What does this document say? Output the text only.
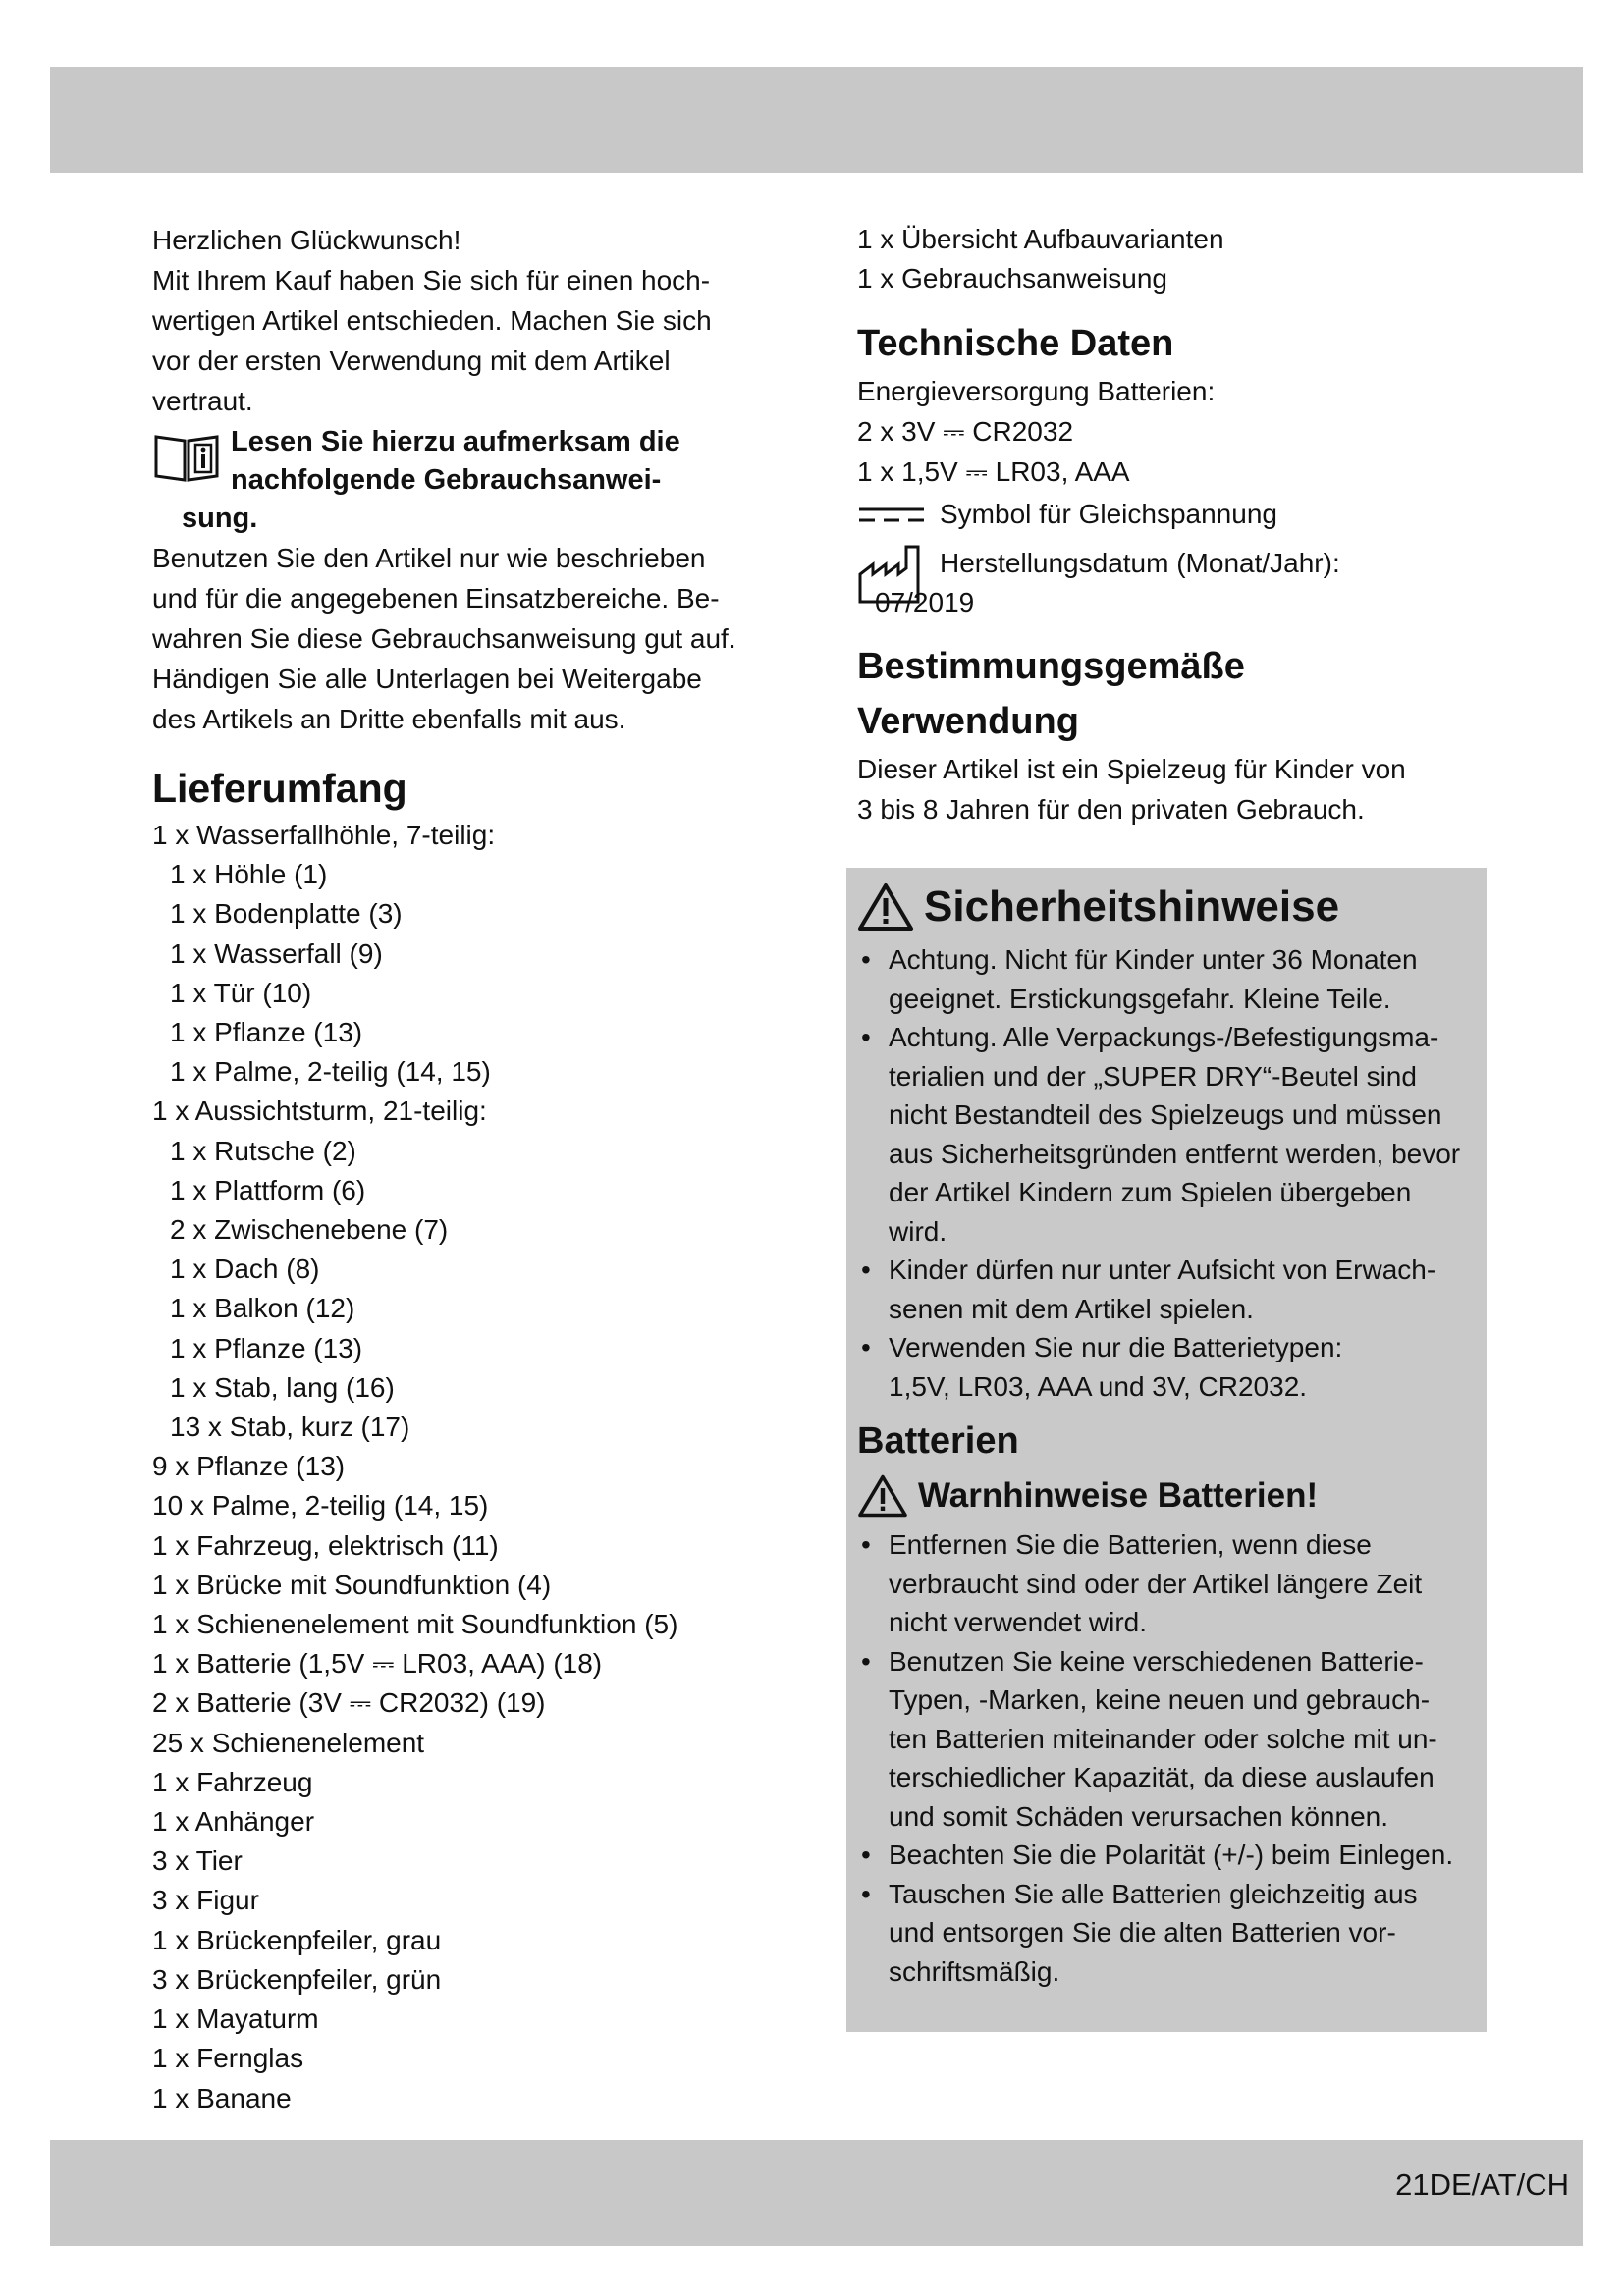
Herzlichen Glückwunsch!

Mit Ihrem Kauf haben Sie sich für einen hoch-

wertigen Artikel entschieden. Machen Sie sich

vor der ersten Verwendung mit dem Artikel

vertraut.

Lesen Sie hierzu aufmerksam die
nachfolgende Gebrauchsanwei-
sung.

Benutzen Sie den Artikel nur wie beschrieben

und für die angegebenen Einsatzbereiche. Be-

wahren Sie diese Gebrauchsanweisung gut auf.

Händigen Sie alle Unterlagen bei Weitergabe

des Artikels an Dritte ebenfalls mit aus.

Lieferumfang
1 x Wasserfallhöhle, 7-teilig:
1 x Höhle (1)
1 x Bodenplatte (3)
1 x Wasserfall (9)
1 x Tür (10)
1 x Pflanze (13)
1 x Palme, 2-teilig (14, 15)
1 x Aussichtsturm, 21-teilig:
1 x Rutsche (2)
1 x Plattform (6)
2 x Zwischenebene (7)
1 x Dach (8)
1 x Balkon (12)
1 x Pflanze (13)
1 x Stab, lang (16)
13 x Stab, kurz (17)
9 x Pflanze (13)
10 x Palme, 2-teilig (14, 15)
1 x Fahrzeug, elektrisch (11)
1 x Brücke mit Soundfunktion (4)
1 x Schienenelement mit Soundfunktion (5)
1 x Batterie (1,5V ⎓ LR03, AAA) (18)
2 x Batterie (3V ⎓ CR2032) (19)
25 x Schienenelement
1 x Fahrzeug
1 x Anhänger
3 x Tier
3 x Figur
1 x Brückenpfeiler, grau
3 x Brückenpfeiler, grün
1 x Mayaturm
1 x Fernglas
1 x Banane
1 x Übersicht Aufbauvarianten
1 x Gebrauchsanweisung
Technische Daten

Energieversorgung Batterien:

2 x 3V ⎓ CR2032

1 x 1,5V ⎓ LR03, AAA

Symbol für Gleichspannung
Herstellungsdatum (Monat/Jahr):
07/2019
Bestimmungsgemäße
Verwendung

Dieser Artikel ist ein Spielzeug für Kinder von

3 bis 8 Jahren für den privaten Gebrauch.

Sicherheitshinweise
• Achtung. Nicht für Kinder unter 36 Monaten
geeignet. Erstickungsgefahr. Kleine Teile.
• Achtung. Alle Verpackungs-/Befestigungsma-
terialien und der „SUPER DRY“-Beutel sind
nicht Bestandteil des Spielzeugs und müssen
aus Sicherheitsgründen entfernt werden, bevor
der Artikel Kindern zum Spielen übergeben
wird.
• Kinder dürfen nur unter Aufsicht von Erwach-
senen mit dem Artikel spielen.
• Verwenden Sie nur die Batterietypen:
1,5V, LR03, AAA und 3V, CR2032.
Batterien
Warnhinweise Batterien!
• Entfernen Sie die Batterien, wenn diese
verbraucht sind oder der Artikel längere Zeit
nicht verwendet wird.
• Benutzen Sie keine verschiedenen Batterie-
Typen, -Marken, keine neuen und gebrauch-
ten Batterien miteinander oder solche mit un-
terschiedlicher Kapazität, da diese auslaufen
und somit Schäden verursachen können.
• Beachten Sie die Polarität (+/-) beim Einlegen.
• Tauschen Sie alle Batterien gleichzeitig aus
und entsorgen Sie die alten Batterien vor-
schriftsmäßig.
21DE/AT/CH
